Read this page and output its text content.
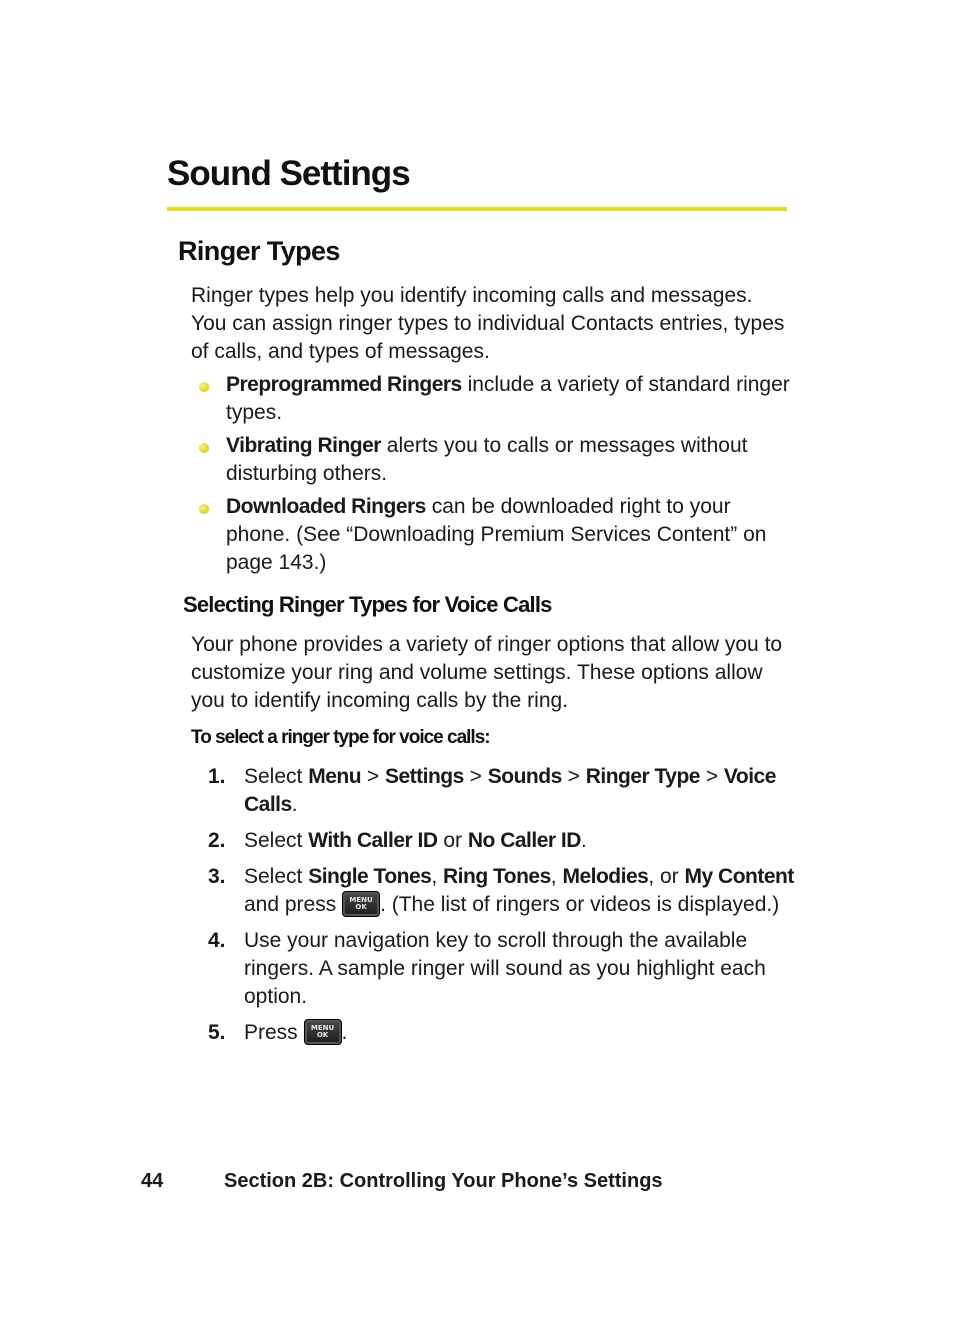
Sound Settings
Ringer Types

Ringer types help you identify incoming calls and messages. You can assign ringer types to individual Contacts entries, types of calls, and types of messages.

Preprogrammed Ringers include a variety of standard ringer types.
Vibrating Ringer alerts you to calls or messages without disturbing others.
Downloaded Ringers can be downloaded right to your phone. (See “Downloading Premium Services Content” on page 143.)
Selecting Ringer Types for Voice Calls

Your phone provides a variety of ringer options that allow you to customize your ring and volume settings. These options allow you to identify incoming calls by the ring.

To select a ringer type for voice calls:

1. Select Menu > Settings > Sounds > Ringer Type > Voice Calls.
2. Select With Caller ID or No Caller ID.
3. Select Single Tones, Ring Tones, Melodies, or My Content and press	MENU
OK . (The list of ringers or videos is displayed.)
4. Use your navigation key to scroll through the available ringers. A sample ringer will sound as you highlight each option.
5. Press	MENU
OK .
44	Section 2B: Controlling Your Phone’s Settings
